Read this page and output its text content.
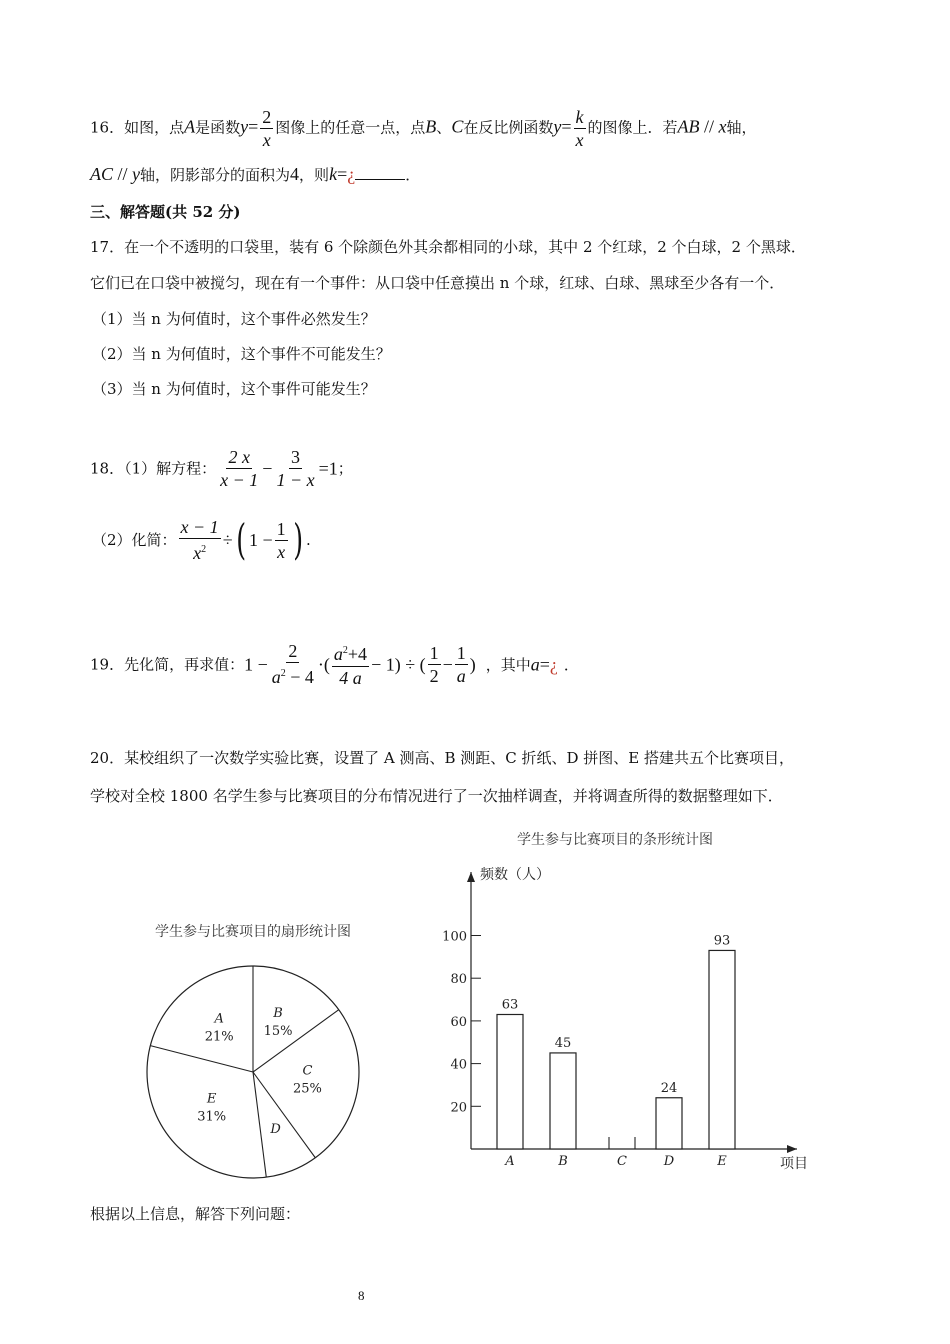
16．如图，点A是函数$y= \frac{2}{x}$ 图像上的任意一点，点B、C在反比例函数$y= \frac{k}{x}$ 的图像上．若AB // x轴，
AC // y轴，阴影部分的面积为4，则k=¿	．
三、解答题(共 52 分)
17．在一个不透明的口袋里，装有 6 个除颜色外其余都相同的小球，其中 2 个红球，2 个白球，2 个黑球．
它们已在口袋中被搅匀，现在有一个事件：从口袋中任意摸出 n 个球，红球、白球、黑球至少各有一个．
（1）当 n 为何值时，这个事件必然发生？
（2）当 n 为何值时，这个事件不可能发生？
（3）当 n 为何值时，这个事件可能发生？
18．（1）解方程： $\frac{2 x}{x - 1} - \frac{3}{1 - x} =1$；
（2）化简： $\frac{x - 1}{x^2}$ ÷( $1 - \frac{1}{x}$ ) .
19．先化简，再求值：$1 - \frac{2}{a^2 - 4}$ ·( $\frac{a^2+4}{4 a} - 1$) ÷ ( $\frac{1}{2} - \frac{1}{a}$ ) ，其中a=¿ ．
20．某校组织了一次数学实验比赛，设置了 A 测高、B 测距、C 折纸、D 拼图、E 搭建共五个比赛项目，
学校对全校 1800 名学生参与比赛项目的分布情况进行了一次抽样调查，并将调查所得的数据整理如下．
学生参与比赛项目的扇形统计图
B
15%
C
25%
D
E
31%
A
21%
学生参与比赛项目的条形统计图
频数（人）
项目
20
40
60
80
100
63
A
45
B	C
24
D
93
E
根据以上信息，解答下列问题：
8
